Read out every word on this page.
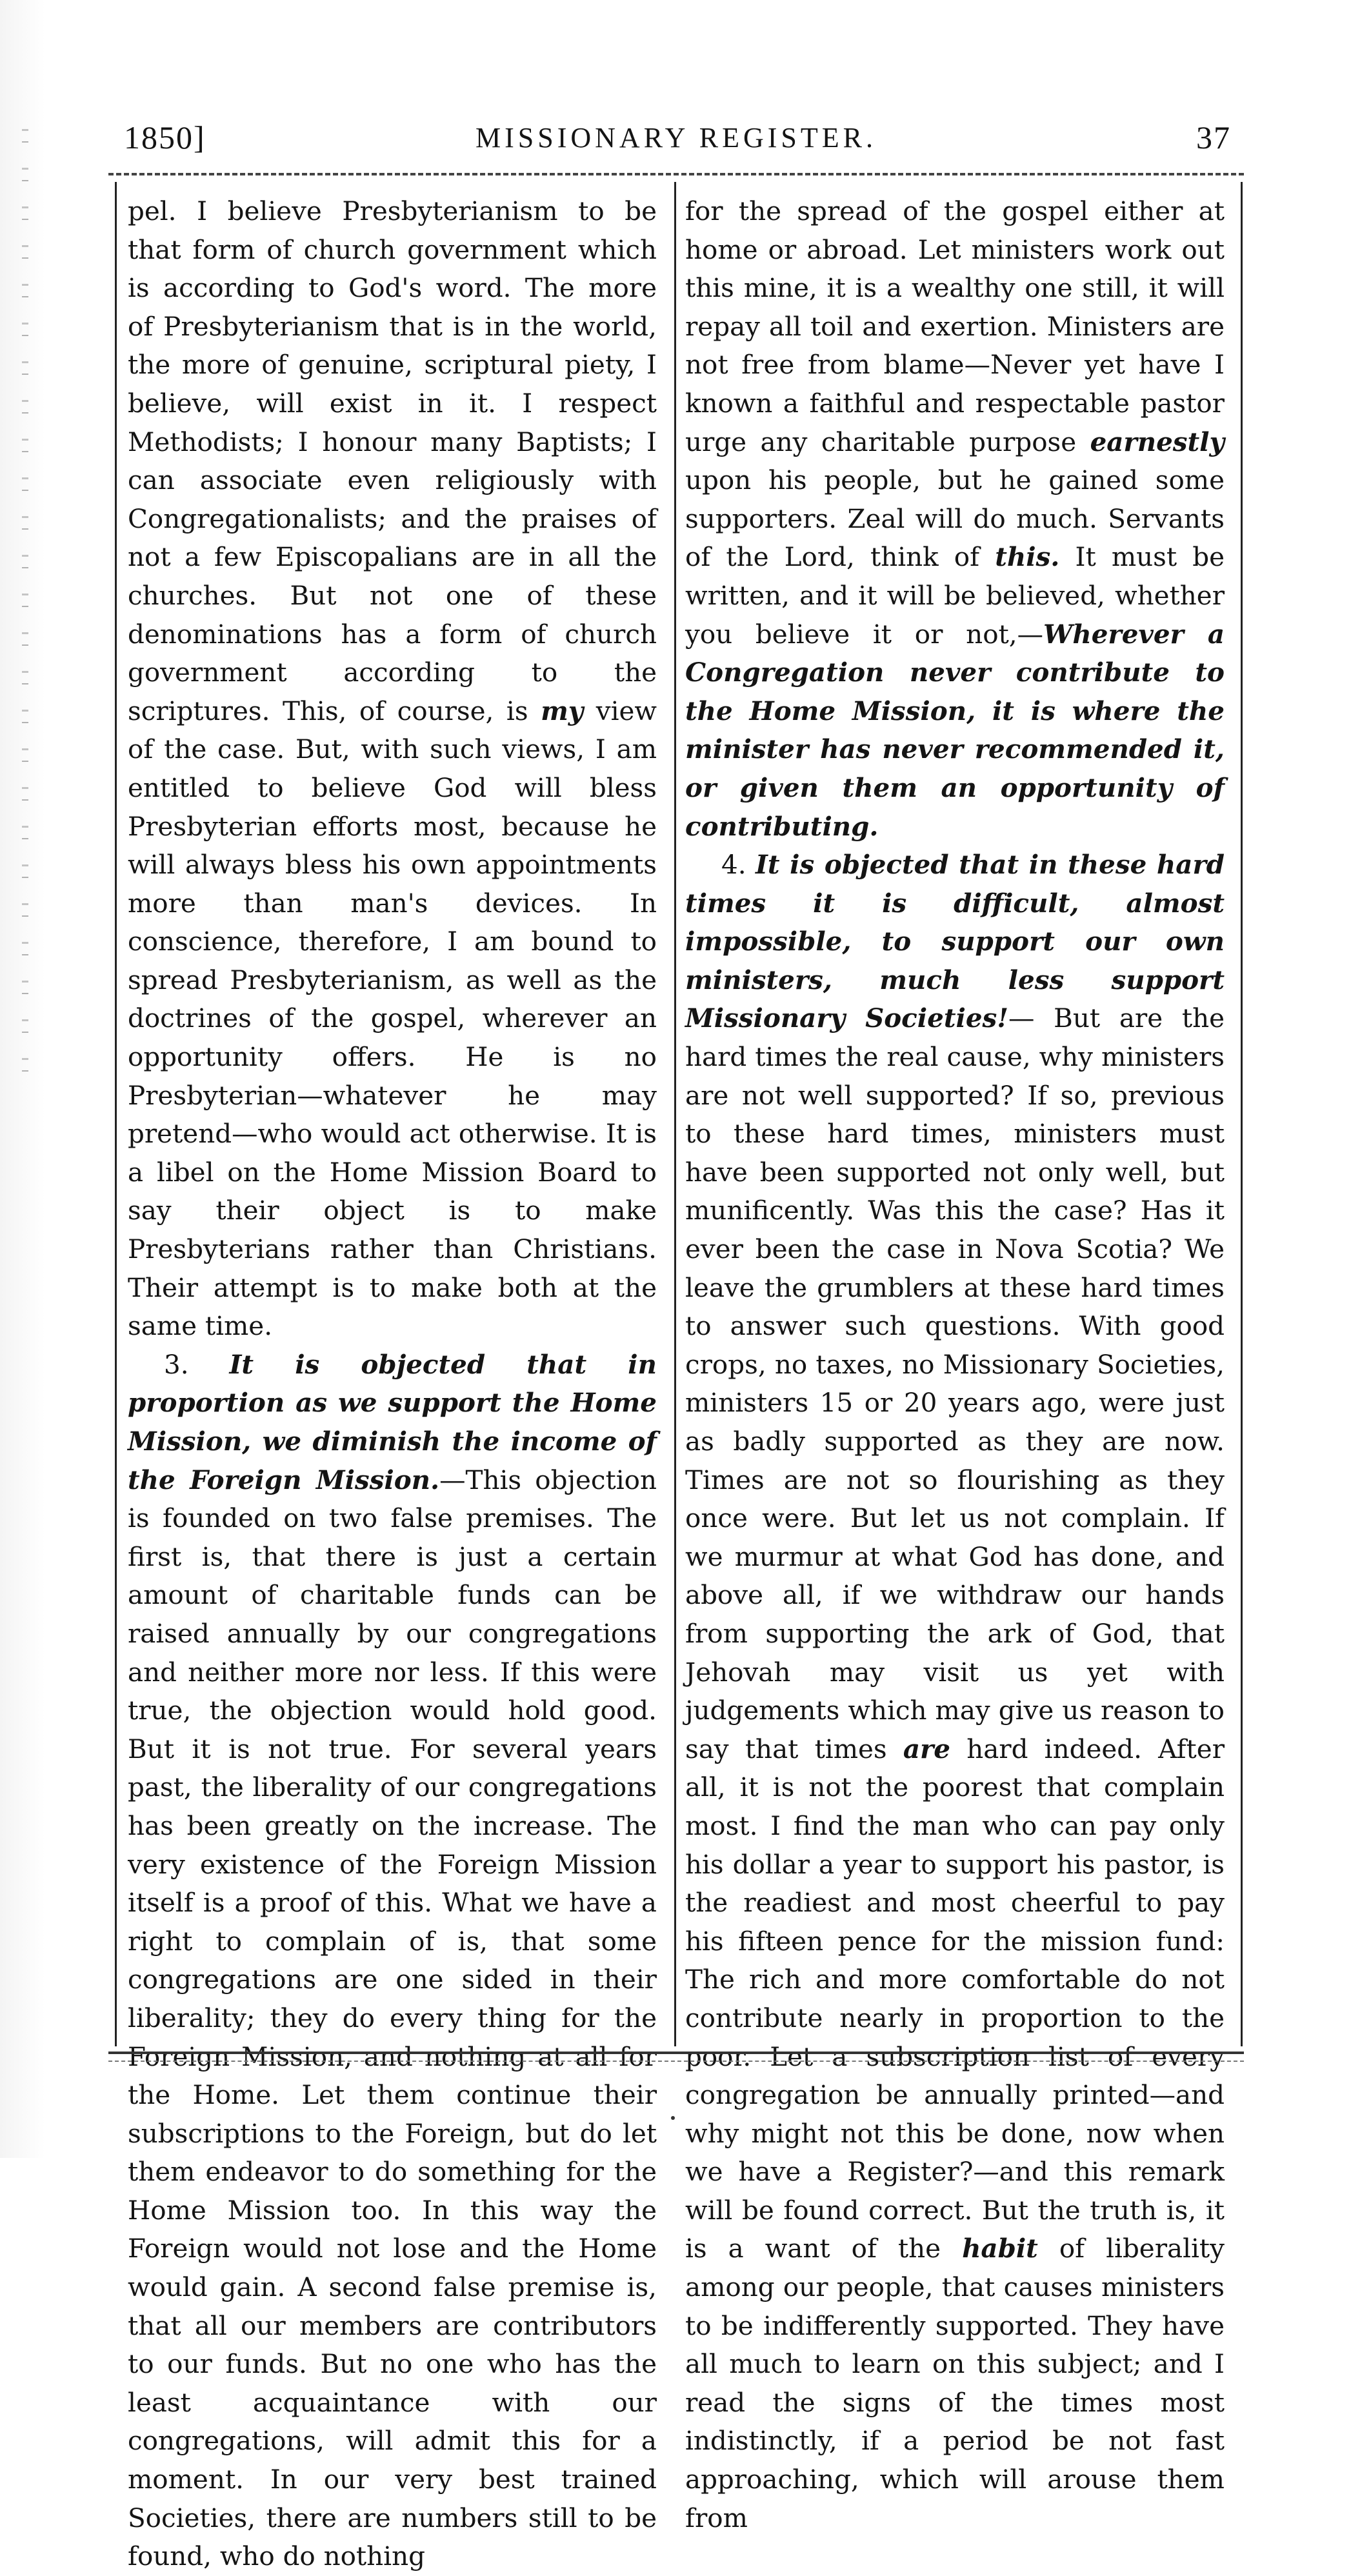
1850]	MISSIONARY REGISTER.	37

pel. I believe Presbyterianism to be that form of church government which is according to God's word. The more of Presbyterianism that is in the world, the more of genuine, scriptural piety, I believe, will exist in it. I respect Methodists; I honour many Baptists; I can associate even religiously with Congregationalists; and the praises of not a few Episcopalians are in all the churches. But not one of these denominations has a form of church government according to the scriptures. This, of course, is my view of the case. But, with such views, I am entitled to believe God will bless Presbyterian efforts most, because he will always bless his own appointments more than man's devices. In conscience, therefore, I am bound to spread Presbyterianism, as well as the doctrines of the gospel, wherever an opportunity offers. He is no Presbyterian—whatever he may pretend—who would act otherwise. It is a libel on the Home Mission Board to say their object is to make Presbyterians rather than Christians. Their attempt is to make both at the same time.

3. It is objected that in proportion as we support the Home Mission, we diminish the income of the Foreign Mission.—This objection is founded on two false premises. The first is, that there is just a certain amount of charitable funds can be raised annually by our congregations and neither more nor less. If this were true, the objection would hold good. But it is not true. For several years past, the liberality of our congregations has been greatly on the increase. The very existence of the Foreign Mission itself is a proof of this. What we have a right to complain of is, that some congregations are one sided in their liberality; they do every thing for the Foreign Mission, and nothing at all for the Home. Let them continue their subscriptions to the Foreign, but do let them endeavor to do something for the Home Mission too. In this way the Foreign would not lose and the Home would gain. A second false premise is, that all our members are contributors to our funds. But no one who has the least acquaintance with our congregations, will admit this for a moment. In our very best trained Societies, there are numbers still to be found, who do nothing

for the spread of the gospel either at home or abroad. Let ministers work out this mine, it is a wealthy one still, it will repay all toil and exertion. Ministers are not free from blame—Never yet have I known a faithful and respectable pastor urge any charitable purpose earnestly upon his people, but he gained some supporters. Zeal will do much. Servants of the Lord, think of this. It must be written, and it will be believed, whether you believe it or not,—Wherever a Congregation never contribute to the Home Mission, it is where the minister has never recommended it, or given them an opportunity of contributing.

4. It is objected that in these hard times it is difficult, almost impossible, to support our own ministers, much less support Missionary Societies!— But are the hard times the real cause, why ministers are not well supported? If so, previous to these hard times, ministers must have been supported not only well, but munificently. Was this the case? Has it ever been the case in Nova Scotia? We leave the grumblers at these hard times to answer such questions. With good crops, no taxes, no Missionary Societies, ministers 15 or 20 years ago, were just as badly supported as they are now. Times are not so flourishing as they once were. But let us not complain. If we murmur at what God has done, and above all, if we withdraw our hands from supporting the ark of God, that Jehovah may visit us yet with judgements which may give us reason to say that times are hard indeed. After all, it is not the poorest that complain most. I find the man who can pay only his dollar a year to support his pastor, is the readiest and most cheerful to pay his fifteen pence for the mission fund: The rich and more comfortable do not contribute nearly in proportion to the poor. Let a subscription list of every congregation be annually printed—and why might not this be done, now when we have a Register?—and this remark will be found correct. But the truth is, it is a want of the habit of liberality among our people, that causes ministers to be indifferently supported. They have all much to learn on this subject; and I read the signs of the times most indistinctly, if a period be not fast approaching, which will arouse them from
